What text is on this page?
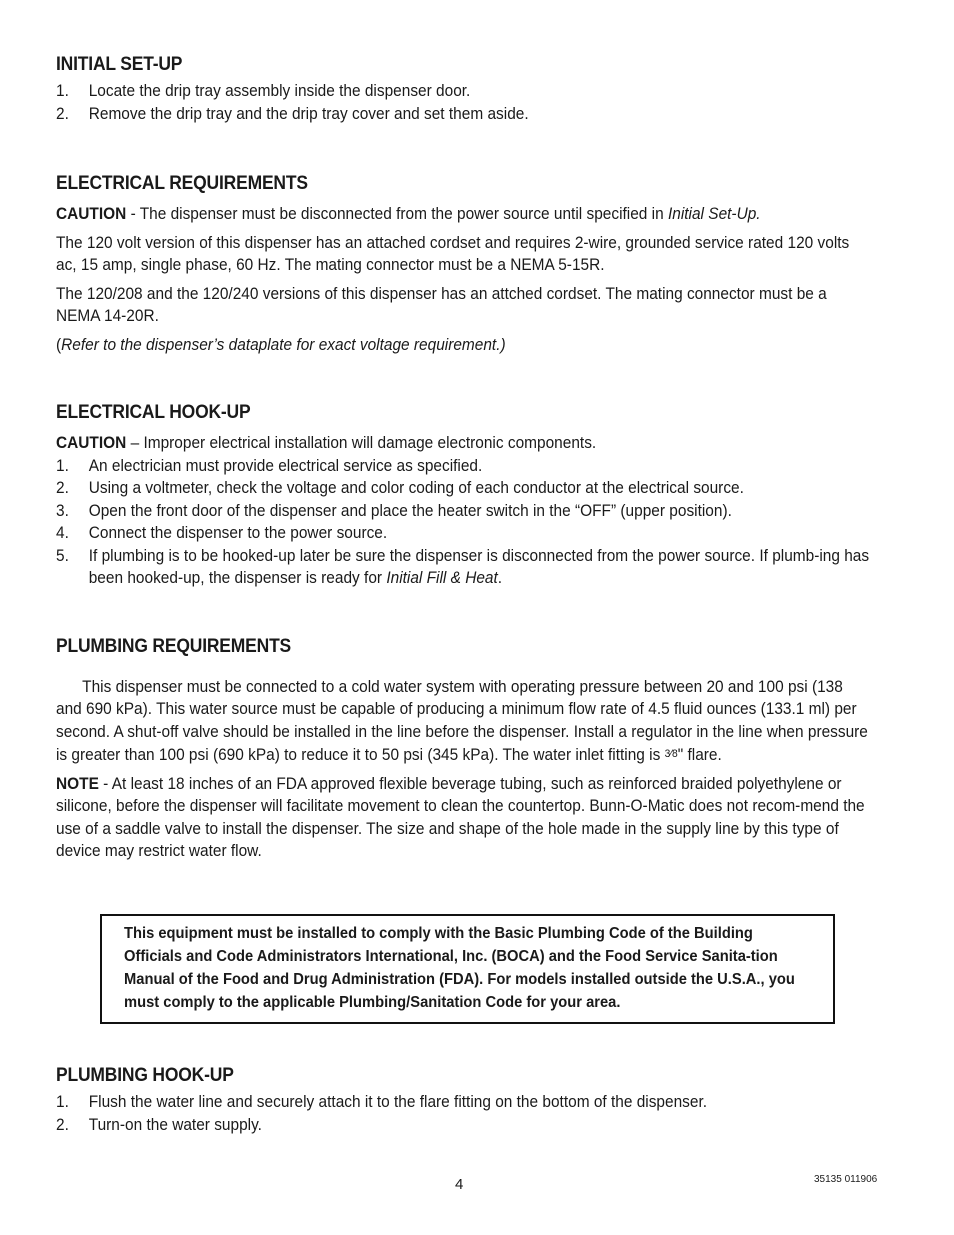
INITIAL SET-UP
1.	Locate the drip tray assembly inside the dispenser door.
2.	Remove the drip tray and the drip tray cover and set them aside.
ELECTRICAL REQUIREMENTS
CAUTION - The dispenser must be disconnected from the power source until specified in Initial Set-Up.
The 120 volt version of this dispenser has an attached cordset and requires 2-wire, grounded service rated 120 volts ac, 15 amp, single phase, 60 Hz. The mating connector must be a NEMA 5-15R.
The 120/208 and the 120/240 versions of this dispenser has an attched cordset. The mating connector must be a NEMA 14-20R.
(Refer to the dispenser’s dataplate for exact voltage requirement.)
ELECTRICAL HOOK-UP
CAUTION – Improper electrical installation will damage electronic components.
1.	An electrician must provide electrical service as specified.
2.	Using a voltmeter, check the voltage and color coding of each conductor at the electrical source.
3.	Open the front door of the dispenser and place the heater switch in the “OFF” (upper position).
4.	Connect the dispenser to the power source.
5.	If plumbing is to be hooked-up later be sure the dispenser is disconnected from the power source. If plumb-ing has been hooked-up, the dispenser is ready for Initial Fill & Heat.
PLUMBING REQUIREMENTS
This dispenser must be connected to a cold water system with operating pressure between 20 and 100 psi (138 and 690 kPa). This water source must be capable of producing a minimum flow rate of 4.5 fluid ounces (133.1 ml) per second. A shut-off valve should be installed in the line before the dispenser. Install a regulator in the line when pressure is greater than 100 psi (690 kPa) to reduce it to 50 psi (345 kPa). The water inlet fitting is 3⁄8" flare.
NOTE - At least 18 inches of an FDA approved flexible beverage tubing, such as reinforced braided polyethylene or silicone, before the dispenser will facilitate movement to clean the countertop. Bunn-O-Matic does not recom-mend the use of a saddle valve to install the dispenser. The size and shape of the hole made in the supply line by this type of device may restrict water flow.
This equipment must be installed to comply with the Basic Plumbing Code of the Building Officials and Code Administrators International, Inc. (BOCA) and the Food Service Sanita-tion Manual of the Food and Drug Administration (FDA). For models installed outside the U.S.A., you must comply to the applicable Plumbing/Sanitation Code for your area.
PLUMBING HOOK-UP
1.	Flush the water line and securely attach it to the flare fitting on the bottom of the dispenser.
2.	Turn-on the water supply.
4	35135 011906
